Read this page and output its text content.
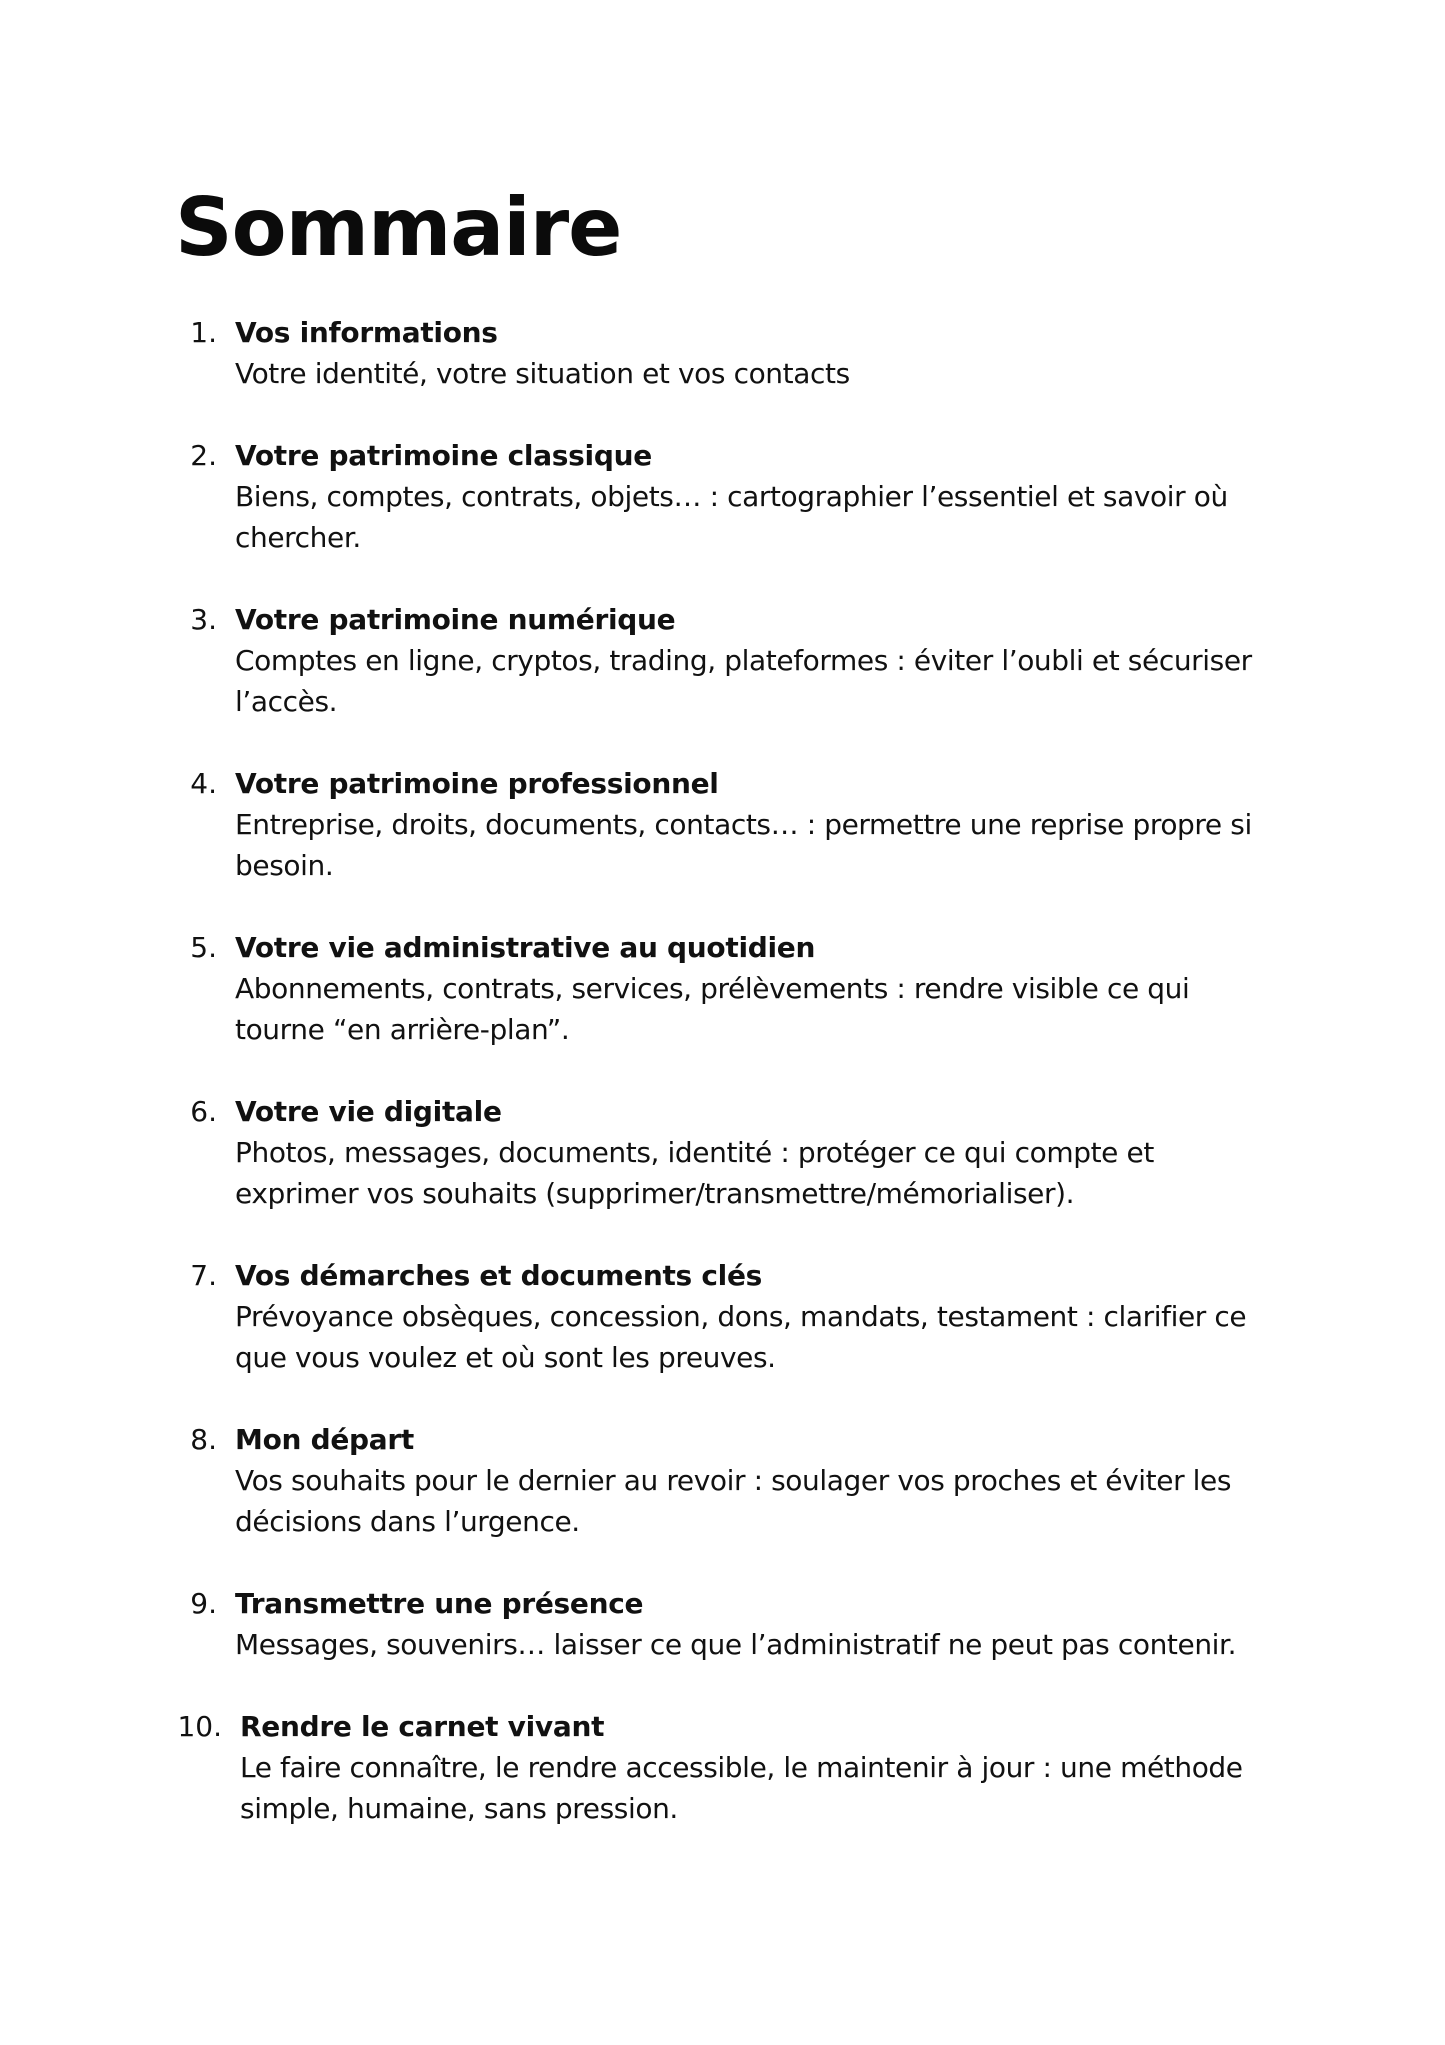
Sommaire
1. Vos informations
Votre identité, votre situation et vos contacts
2. Votre patrimoine classique
Biens, comptes, contrats, objets… : cartographier l’essentiel et savoir où chercher.
3. Votre patrimoine numérique
Comptes en ligne, cryptos, trading, plateformes : éviter l’oubli et sécuriser l’accès.
4. Votre patrimoine professionnel
Entreprise, droits, documents, contacts… : permettre une reprise propre si besoin.
5. Votre vie administrative au quotidien
Abonnements, contrats, services, prélèvements : rendre visible ce qui tourne “en arrière-plan”.
6. Votre vie digitale
Photos, messages, documents, identité : protéger ce qui compte et exprimer vos souhaits (supprimer/transmettre/mémorialiser).
7. Vos démarches et documents clés
Prévoyance obsèques, concession, dons, mandats, testament : clarifier ce que vous voulez et où sont les preuves.
8. Mon départ
Vos souhaits pour le dernier au revoir : soulager vos proches et éviter les décisions dans l’urgence.
9. Transmettre une présence
Messages, souvenirs… laisser ce que l’administratif ne peut pas contenir.
10. Rendre le carnet vivant
Le faire connaître, le rendre accessible, le maintenir à jour : une méthode simple, humaine, sans pression.
